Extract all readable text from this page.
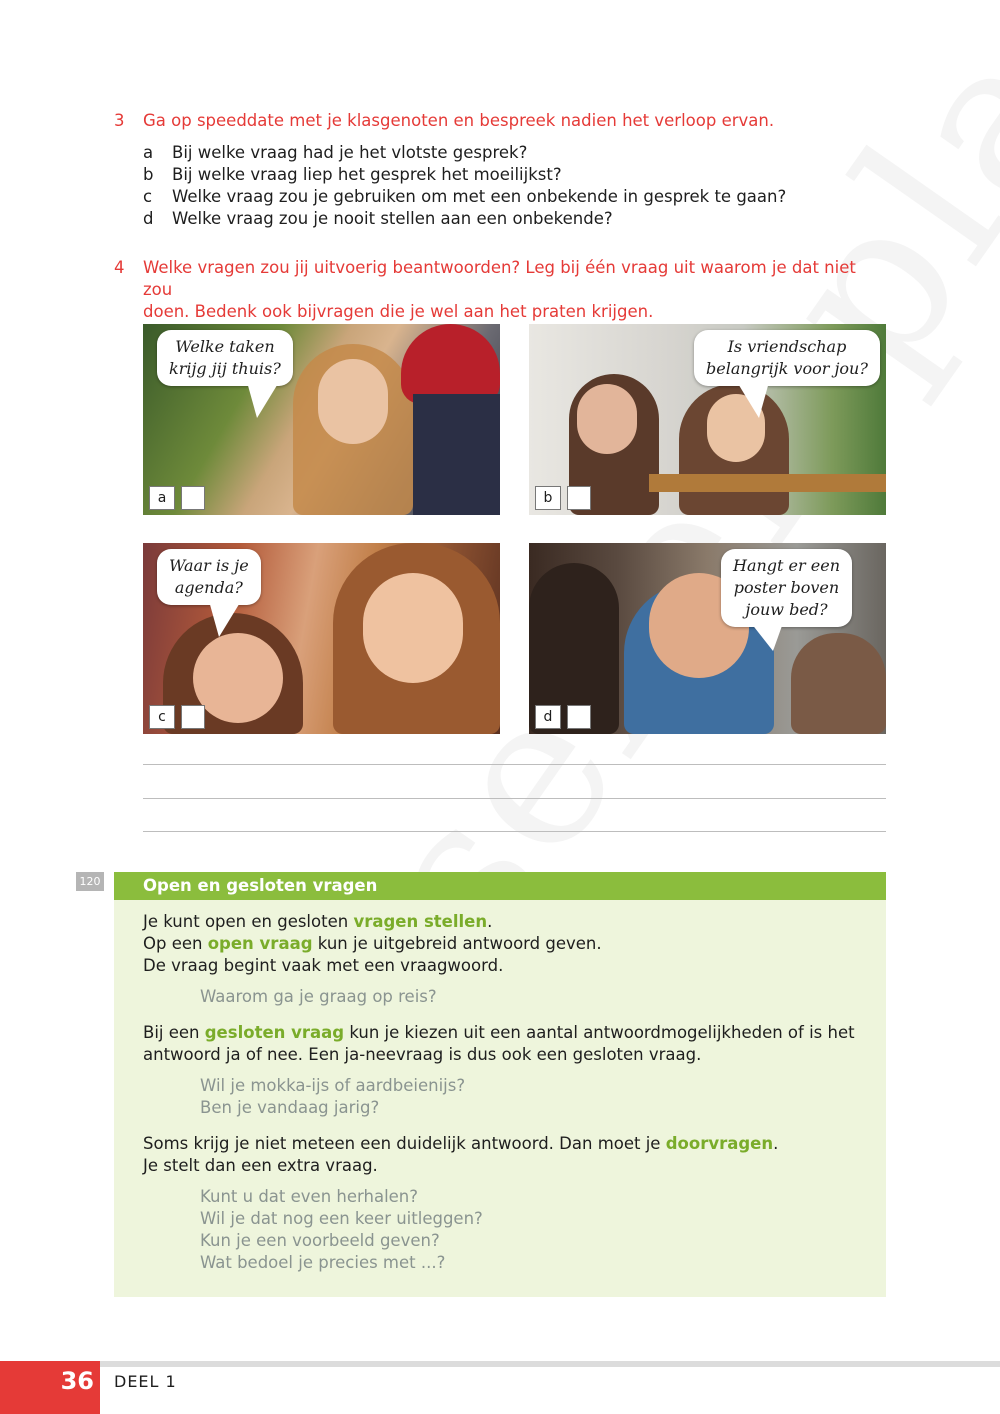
3 Ga op speeddate met je klasgenoten en bespreek nadien het verloop ervan.
a Bij welke vraag had je het vlotste gesprek?
b Bij welke vraag liep het gesprek het moeilijkst?
c Welke vraag zou je gebruiken om met een onbekende in gesprek te gaan?
d Welke vraag zou je nooit stellen aan een onbekende?
4 Welke vragen zou jij uitvoerig beantwoorden? Leg bij één vraag uit waarom je dat niet zou
doen. Bedenk ook bijvragen die je wel aan het praten krijgen.
Welke taken
krijg jij thuis?
a
Is vriendschap
belangrijk voor jou?
b
Waar is je
agenda?
c
Hangt er een
poster boven
jouw bed?
d
120	Open en gesloten vragen
Je kunt open en gesloten vragen stellen.
Op een open vraag kun je uitgebreid antwoord geven.
De vraag begint vaak met een vraagwoord.
Waarom ga je graag op reis?
Bij een gesloten vraag kun je kiezen uit een aantal antwoordmogelijkheden of is het
antwoord ja of nee. Een ja-neevraag is dus ook een gesloten vraag.
Wil je mokka-ijs of aardbeienijs?
Ben je vandaag jarig?
Soms krijg je niet meteen een duidelijk antwoord. Dan moet je doorvragen.
Je stelt dan een extra vraag.
Kunt u dat even herhalen?
Wil je dat nog een keer uitleggen?
Kun je een voorbeeld geven?
Wat bedoel je precies met ...?
36	DEEL 1
